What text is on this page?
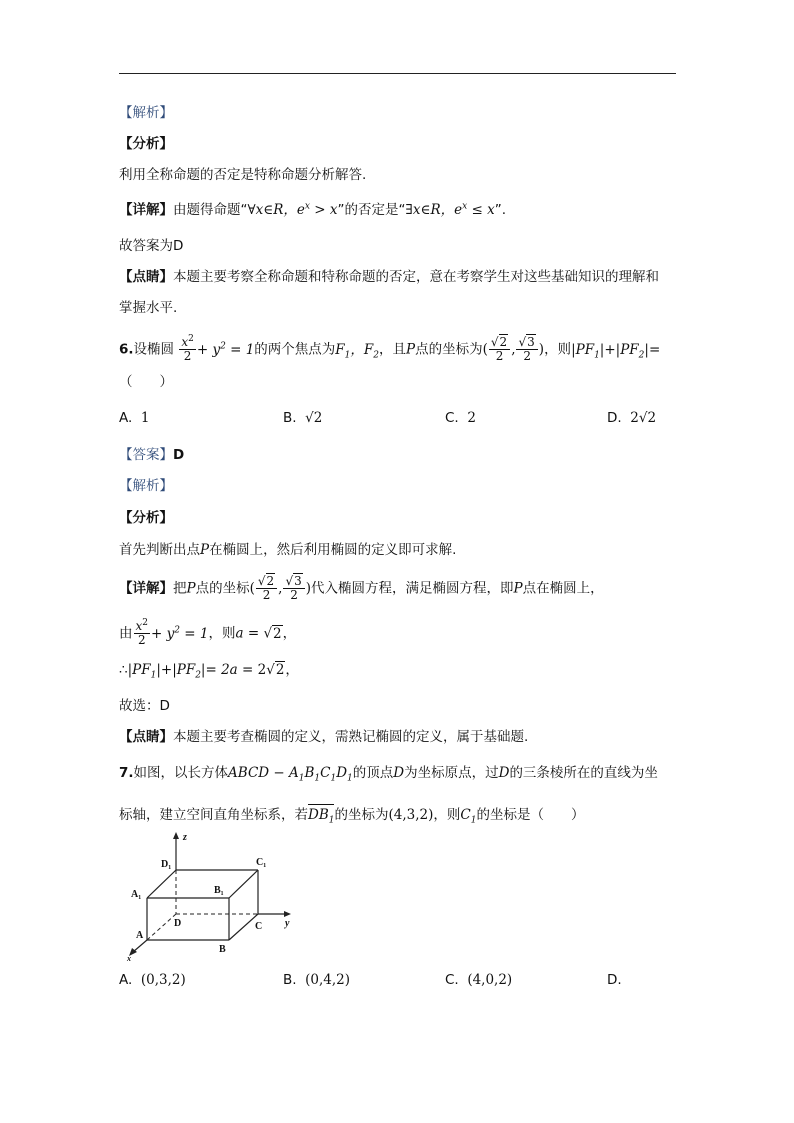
【解析】
【分析】
利用全称命题的否定是特称命题分析解答.
【详解】由题得命题“∀x∈R，$e^x > x$”的否定是“∃x∈R，$e^x \le x$”.
故答案为D
【点睛】本题主要考察全称命题和特称命题的否定，意在考察学生对这些基础知识的理解和
掌握水平.
6.设椭圆 $\frac{x^2}{2} + y^2 = 1$的两个焦点为$F_1$，$F_2$，且P点的坐标为( $\frac{√2}{2}$ , $\frac{√3}{2}$ )，则$|PF_1|+|PF_2|=$
（　　）
A. 1	B. √2	C. 2	D. 2√2
【答案】D
【解析】
【分析】
首先判断出点P在椭圆上，然后利用椭圆的定义即可求解.
【详解】把P点的坐标( $\frac{√2}{2}$ , $\frac{√3}{2}$ )代入椭圆方程，满足椭圆方程，即P点在椭圆上，
由 $\frac{x^2}{2} + y^2 = 1$，则a = √2，
$\therefore|PF_1|+|PF_2|= 2a = 2√2$，
故选：D
【点睛】本题主要考查椭圆的定义，需熟记椭圆的定义，属于基础题.
7.如图，以长方体ABCD − $A_1B_1C_1D_1$的顶点D为坐标原点，过D的三条棱所在的直线为坐
标轴，建立空间直角坐标系，若$DB_1$的坐标为(4,3,2)，则$C_1$的坐标是（　　）
z
y
x
D₁	C₁
A₁	B₁
D	C
A
B
A. (0,3,2)	B. (0,4,2)	C. (4,0,2)	D.
